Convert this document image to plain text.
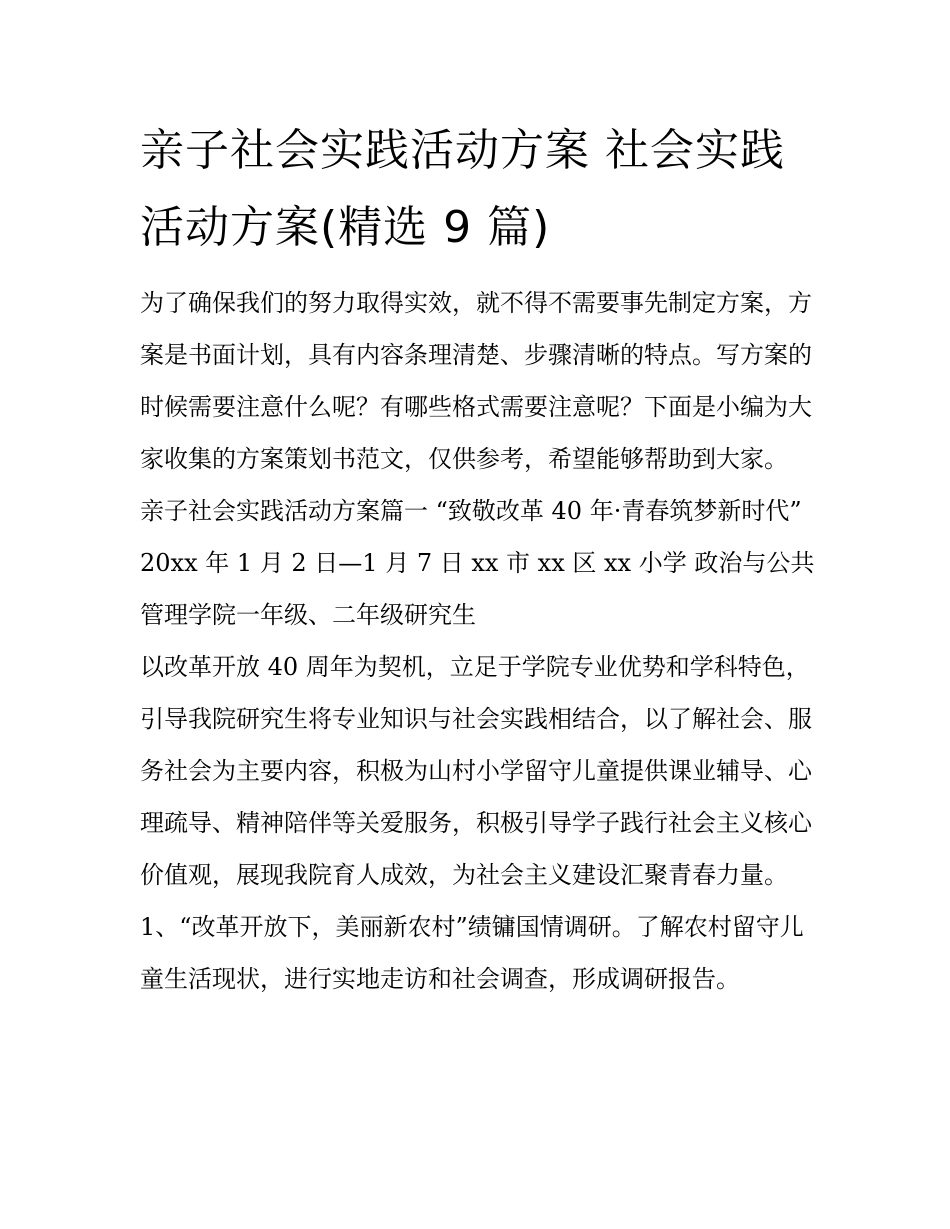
亲子社会实践活动方案 社会实践活动方案(精选 9 篇)

为了确保我们的努力取得实效，就不得不需要事先制定方案，方案是书面计划，具有内容条理清楚、步骤清晰的特点。写方案的时候需要注意什么呢？有哪些格式需要注意呢？下面是小编为大家收集的方案策划书范文，仅供参考，希望能够帮助到大家。

亲子社会实践活动方案篇一 “致敬改革 40 年·青春筑梦新时代” 20xx 年 1 月 2 日—1 月 7 日 xx 市 xx 区 xx 小学 政治与公共管理学院一年级、二年级研究生

以改革开放 40 周年为契机，立足于学院专业优势和学科特色，引导我院研究生将专业知识与社会实践相结合，以了解社会、服务社会为主要内容，积极为山村小学留守儿童提供课业辅导、心理疏导、精神陪伴等关爱服务，积极引导学子践行社会主义核心价值观，展现我院育人成效，为社会主义建设汇聚青春力量。

1、“改革开放下，美丽新农村”绩镛国情调研。了解农村留守儿童生活现状，进行实地走访和社会调查，形成调研报告。
